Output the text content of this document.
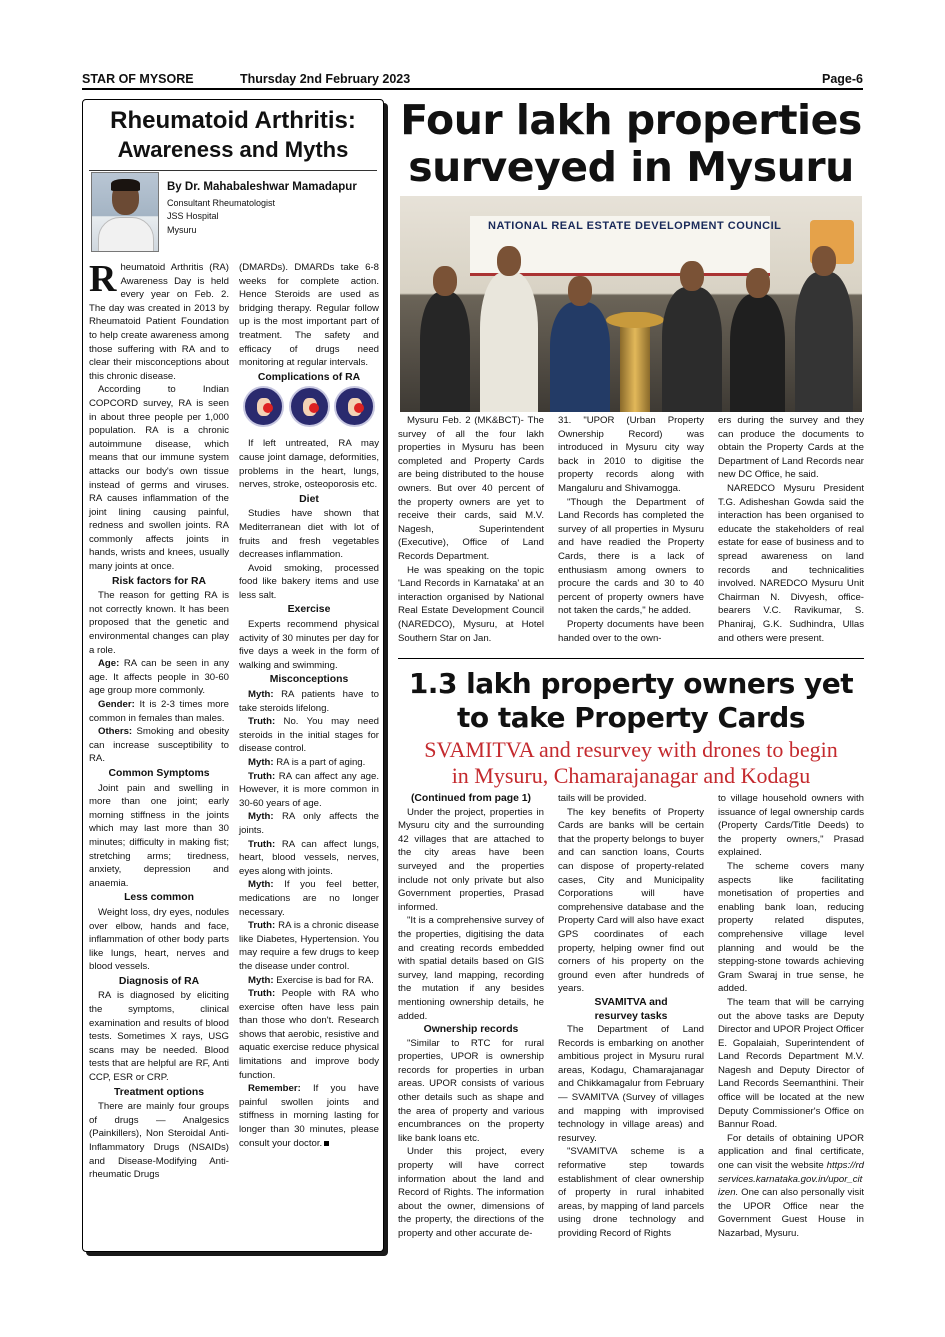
STAR OF MYSORE	Thursday 2nd February 2023	Page-6
Rheumatoid Arthritis:
Awareness and Myths
By Dr. Mahabaleshwar Mamadapur
Consultant Rheumatologist
JSS Hospital
Mysuru

Rheumatoid Arthritis (RA) Awareness Day is held every year on Feb. 2. The day was created in 2013 by Rheumatoid Patient Foundation to help create awareness among those suffering with RA and to clear their misconceptions about this chronic disease.

According to Indian COPCORD survey, RA is seen in about three people per 1,000 population. RA is a chronic autoimmune disease, which means that our immune system attacks our body's own tissue instead of germs and viruses. RA causes inflammation of the joint lining causing painful, redness and swollen joints. RA commonly affects joints in hands, wrists and knees, usually many joints at once.

Risk factors for RA

The reason for getting RA is not correctly known. It has been proposed that the genetic and environmental changes can play a role.

Age: RA can be seen in any age. It affects people in 30-60 age group more commonly.

Gender: It is 2-3 times more common in females than males.

Others: Smoking and obesity can increase susceptibility to RA.

Common Symptoms

Joint pain and swelling in more than one joint; early morning stiffness in the joints which may last more than 30 minutes; difficulty in making fist; stretching arms; tiredness, anxiety, depression and anaemia.

Less common

Weight loss, dry eyes, nodules over elbow, hands and face, inflammation of other body parts like lungs, heart, nerves and blood vessels.

Diagnosis of RA

RA is diagnosed by eliciting the symptoms, clinical examination and results of blood tests. Sometimes X rays, USG scans may be needed. Blood tests that are helpful are RF, Anti CCP, ESR or CRP.

Treatment options

There are mainly four groups of drugs — Analgesics (Painkillers), Non Steroidal Anti-Inflammatory Drugs (NSAIDs) and Disease-Modifying Anti-rheumatic Drugs

(DMARDs). DMARDs take 6-8 weeks for complete action. Hence Steroids are used as bridging therapy. Regular follow up is the most important part of treatment. The safety and efficacy of drugs need monitoring at regular intervals.

Complications of RA

If left untreated, RA may cause joint damage, deformities, problems in the heart, lungs, nerves, stroke, osteoporosis etc.

Diet

Studies have shown that Mediterranean diet with lot of fruits and fresh vegetables decreases inflammation.

Avoid smoking, processed food like bakery items and use less salt.

Exercise

Experts recommend physical activity of 30 minutes per day for five days a week in the form of walking and swimming.

Misconceptions

Myth: RA patients have to take steroids lifelong.

Truth: No. You may need steroids in the initial stages for disease control.

Myth: RA is a part of aging.

Truth: RA can affect any age. However, it is more common in 30-60 years of age.

Myth: RA only affects the joints.

Truth: RA can affect lungs, heart, blood vessels, nerves, eyes along with joints.

Myth: If you feel better, medications are no longer necessary.

Truth: RA is a chronic disease like Diabetes, Hypertension. You may require a few drugs to keep the disease under control.

Myth: Exercise is bad for RA.

Truth: People with RA who exercise often have less pain than those who don't. Research shows that aerobic, resistive and aquatic exercise reduce physical limitations and improve body function.

Remember: If you have painful swollen joints and stiffness in morning lasting for longer than 30 minutes, please consult your doctor.

Four lakh properties
surveyed in Mysuru
NATIONAL REAL ESTATE DEVELOPMENT COUNCIL

Mysuru Feb. 2 (MK&BCT)- The survey of all the four lakh properties in Mysuru has been completed and Property Cards are being distributed to the house owners. But over 40 percent of the property owners are yet to receive their cards, said M.V. Nagesh, Superintendent (Executive), Office of Land Records Department.

He was speaking on the topic 'Land Records in Karnataka' at an interaction organised by National Real Estate Development Council (NAREDCO), Mysuru, at Hotel Southern Star on Jan.

31. "UPOR (Urban Property Ownership Record) was introduced in Mysuru city way back in 2010 to digitise the property records along with Mangaluru and Shivamogga.

"Though the Department of Land Records has completed the survey of all properties in Mysuru and have readied the Property Cards, there is a lack of enthusiasm among owners to procure the cards and 30 to 40 percent of property owners have not taken the cards," he added.

Property documents have been handed over to the own-

ers during the survey and they can produce the documents to obtain the Property Cards at the Department of Land Records near new DC Office, he said.

NAREDCO Mysuru President T.G. Adisheshan Gowda said the interaction has been organised to educate the stakeholders of real estate for ease of business and to spread awareness on land records and technicalities involved. NAREDCO Mysuru Unit Chairman N. Divyesh, office-bearers V.C. Ravikumar, S. Phaniraj, G.K. Sudhindra, Ullas and others were present.

1.3 lakh property owners yet
to take Property Cards
SVAMITVA and resurvey with drones to begin
in Mysuru, Chamarajanagar and Kodagu
(Continued from page 1)

Under the project, properties in Mysuru city and the surrounding 42 villages that are attached to the city areas have been surveyed and the properties include not only private but also Government properties, Prasad informed.

"It is a comprehensive survey of the properties, digitising the data and creating records embedded with spatial details based on GIS survey, land mapping, recording the mutation if any besides mentioning ownership details, he added.

Ownership records

"Similar to RTC for rural properties, UPOR is ownership records for properties in urban areas. UPOR consists of various other details such as shape and the area of property and various encumbrances on the property like bank loans etc.

Under this project, every property will have correct information about the land and Record of Rights. The information about the owner, dimensions of the property, the directions of the property and other accurate de-

tails will be provided.

The key benefits of Property Cards are banks will be certain that the property belongs to buyer and can sanction loans, Courts can dispose of property-related cases, City and Municipality Corporations will have comprehensive database and the Property Card will also have exact GPS coordinates of each property, helping owner find out corners of his property on the ground even after hundreds of years.

SVAMITVA and
resurvey tasks

The Department of Land Records is embarking on another ambitious project in Mysuru rural areas, Kodagu, Chamarajanagar and Chikkamagalur from February — SVAMITVA (Survey of villages and mapping with improvised technology in village areas) and resurvey.

"SVAMITVA scheme is a reformative step towards establishment of clear ownership of property in rural inhabited areas, by mapping of land parcels using drone technology and providing Record of Rights

to village household owners with issuance of legal ownership cards (Property Cards/Title Deeds) to the property owners," Prasad explained.

The scheme covers many aspects like facilitating monetisation of properties and enabling bank loan, reducing property related disputes, comprehensive village level planning and would be the stepping-stone towards achieving Gram Swaraj in true sense, he added.

The team that will be carrying out the above tasks are Deputy Director and UPOR Project Officer E. Gopalaiah, Superintendent of Land Records Department M.V. Nagesh and Deputy Director of Land Records Seemanthini. Their office will be located at the new Deputy Commissioner's Office on Bannur Road.

For details of obtaining UPOR application and final certificate, one can visit the website https://rdservices.karnataka.gov.in/upor_citizen. One can also personally visit the UPOR Office near the Government Guest House in Nazarbad, Mysuru.
